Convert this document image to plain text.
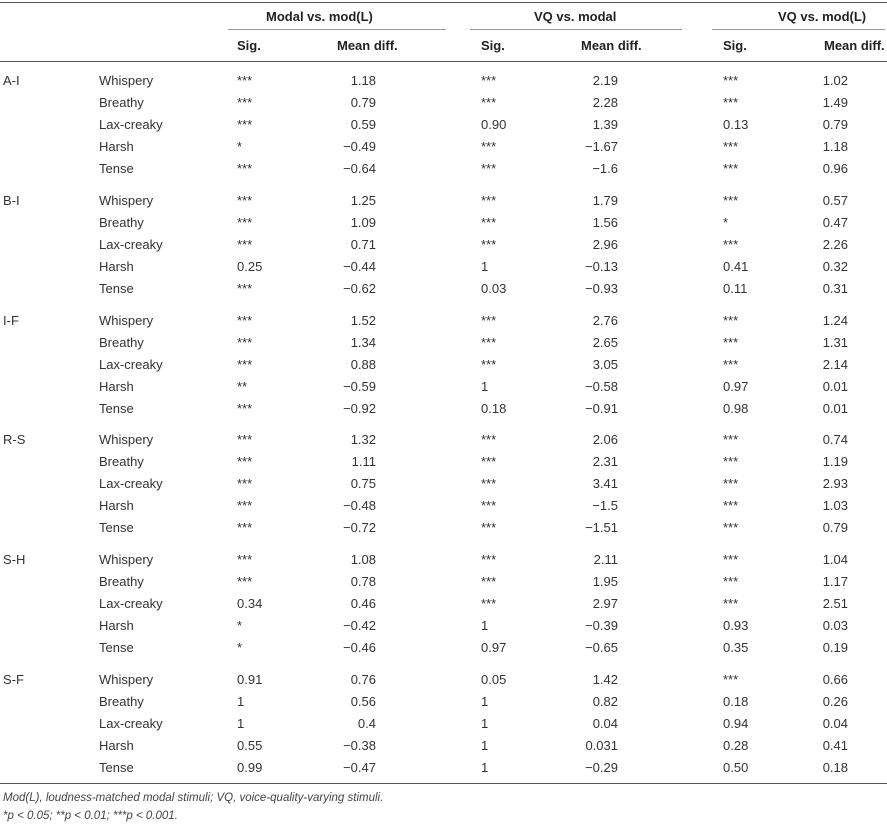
Modal vs. mod(L)	VQ vs. modal	VQ vs. mod(L)
Sig.	Mean diff.	Sig.	Mean diff.	Sig.	Mean diff.
A-I	Whispery	***	1.18	***	2.19	***	1.02
Breathy	***	0.79	***	2.28	***	1.49
Lax-creaky	***	0.59	0.90	1.39	0.13	0.79
Harsh	*	−0.49	***	−1.67	***	1.18
Tense	***	−0.64	***	−1.6	***	0.96
B-I	Whispery	***	1.25	***	1.79	***	0.57
Breathy	***	1.09	***	1.56	*	0.47
Lax-creaky	***	0.71	***	2.96	***	2.26
Harsh	0.25	−0.44	1	−0.13	0.41	0.32
Tense	***	−0.62	0.03	−0.93	0.11	0.31
I-F	Whispery	***	1.52	***	2.76	***	1.24
Breathy	***	1.34	***	2.65	***	1.31
Lax-creaky	***	0.88	***	3.05	***	2.14
Harsh	**	−0.59	1	−0.58	0.97	0.01
Tense	***	−0.92	0.18	−0.91	0.98	0.01
R-S	Whispery	***	1.32	***	2.06	***	0.74
Breathy	***	1.11	***	2.31	***	1.19
Lax-creaky	***	0.75	***	3.41	***	2.93
Harsh	***	−0.48	***	−1.5	***	1.03
Tense	***	−0.72	***	−1.51	***	0.79
S-H	Whispery	***	1.08	***	2.11	***	1.04
Breathy	***	0.78	***	1.95	***	1.17
Lax-creaky	0.34	0.46	***	2.97	***	2.51
Harsh	*	−0.42	1	−0.39	0.93	0.03
Tense	*	−0.46	0.97	−0.65	0.35	0.19
S-F	Whispery	0.91	0.76	0.05	1.42	***	0.66
Breathy	1	0.56	1	0.82	0.18	0.26
Lax-creaky	1	0.4	1	0.04	0.94	0.04
Harsh	0.55	−0.38	1	0.031	0.28	0.41
Tense	0.99	−0.47	1	−0.29	0.50	0.18
Mod(L), loudness-matched modal stimuli; VQ, voice-quality-varying stimuli.
*p < 0.05; **p < 0.01; ***p < 0.001.
